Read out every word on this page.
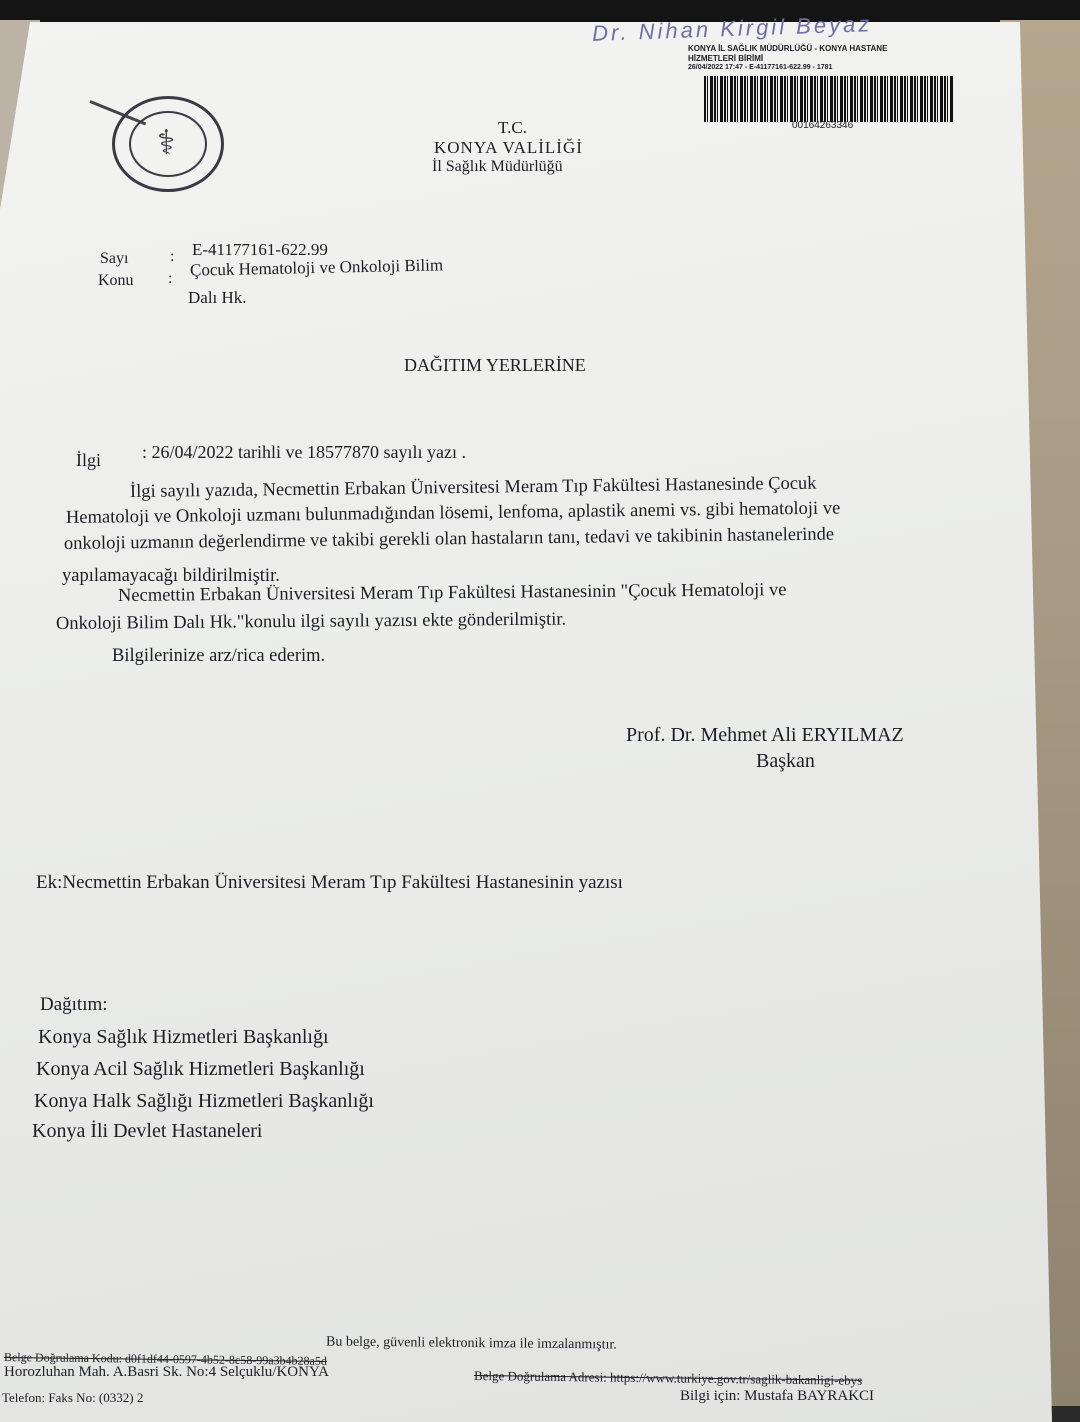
Dr. Nihan Kirgil Beyaz
KONYA İL SAĞLIK MÜDÜRLÜĞÜ - KONYA HASTANE
HİZMETLERİ BİRİMİ
26/04/2022 17:47 - E-41177161-622.99 - 1781
00164263346
⚕	T.C.
KONYA VALİLİĞİ
İl Sağlık Müdürlüğü
Sayı	: E-41177161-622.99
Konu : Çocuk Hematoloji ve Onkoloji Bilim
Dalı Hk.
DAĞITIM YERLERİNE
İlgi : 26/04/2022 tarihli ve 18577870 sayılı yazı .
İlgi sayılı yazıda, Necmettin Erbakan Üniversitesi Meram Tıp Fakültesi Hastanesinde Çocuk
Hematoloji ve Onkoloji uzmanı bulunmadığından lösemi, lenfoma, aplastik anemi vs. gibi hematoloji ve
onkoloji uzmanın değerlendirme ve takibi gerekli olan hastaların tanı, tedavi ve takibinin hastanelerinde
yapılamayacağı bildirilmiştir.
Necmettin Erbakan Üniversitesi Meram Tıp Fakültesi Hastanesinin "Çocuk Hematoloji ve
Onkoloji Bilim Dalı Hk."konulu ilgi sayılı yazısı ekte gönderilmiştir.
Bilgilerinize arz/rica ederim.
Prof. Dr. Mehmet Ali ERYILMAZ
Başkan
Ek:Necmettin Erbakan Üniversitesi Meram Tıp Fakültesi Hastanesinin yazısı
Dağıtım:
Konya Sağlık Hizmetleri Başkanlığı
Konya Acil Sağlık Hizmetleri Başkanlığı
Konya Halk Sağlığı Hizmetleri Başkanlığı
Konya İli Devlet Hastaneleri
Bu belge, güvenli elektronik imza ile imzalanmıştır.
Belge Doğrulama Kodu: d0f1df44-0597-4b52-8c58-99a3b4b28a5d
Belge Doğrulama Adresi: https://www.turkiye.gov.tr/saglik-bakanligi-ebys
Horozluhan Mah. A.Basri Sk. No:4 Selçuklu/KONYA
Bilgi için: Mustafa BAYRAKCI
Telefon: Faks No: (0332) 2
